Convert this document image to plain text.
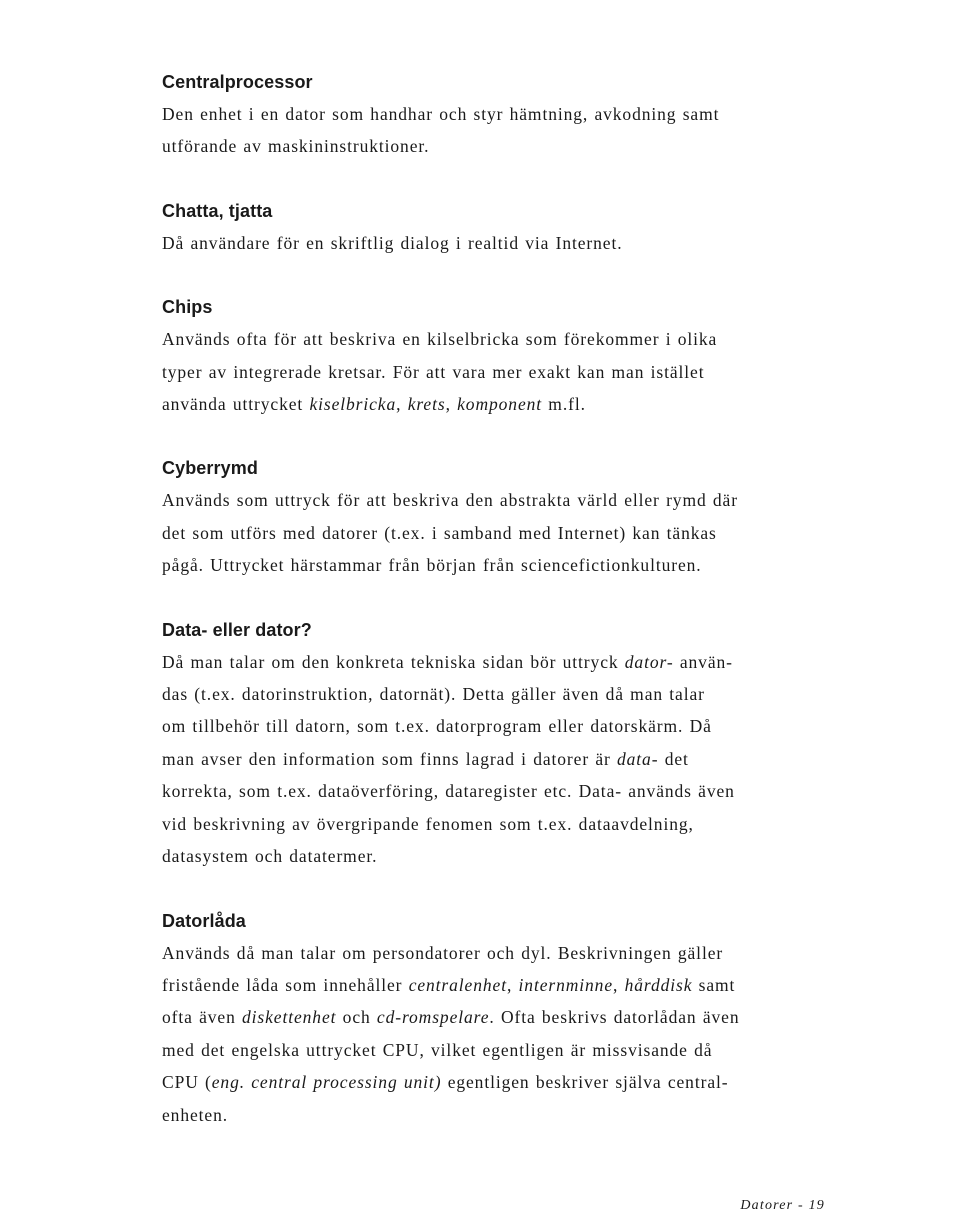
Centralprocessor
Den enhet i en dator som handhar och styr hämtning, avkodning samt
utförande av maskininstruktioner.
Chatta, tjatta
Då användare för en skriftlig dialog i realtid via Internet.
Chips
Används ofta för att beskriva en kilselbricka som förekommer i olika
typer av integrerade kretsar. För att vara mer exakt kan man istället
använda uttrycket kiselbricka, krets, komponent m.fl.
Cyberrymd
Används som uttryck för att beskriva den abstrakta värld eller rymd där
det som utförs med datorer (t.ex. i samband med Internet) kan tänkas
pågå. Uttrycket härstammar från början från sciencefictionkulturen.
Data- eller dator?
Då man talar om den konkreta tekniska sidan bör uttryck dator- använ-
das (t.ex. datorinstruktion, datornät). Detta gäller även då man talar
om tillbehör till datorn, som t.ex. datorprogram eller datorskärm. Då
man avser den information som finns lagrad i datorer är data- det
korrekta, som t.ex. dataöverföring, dataregister etc. Data- används även
vid beskrivning av övergripande fenomen som t.ex. dataavdelning,
datasystem och datatermer.
Datorlåda
Används då man talar om persondatorer och dyl. Beskrivningen gäller
fristående låda som innehåller centralenhet, internminne, hårddisk samt
ofta även diskettenhet och cd-romspelare. Ofta beskrivs datorlådan även
med det engelska uttrycket CPU, vilket egentligen är missvisande då
CPU (eng. central processing unit) egentligen beskriver själva central-
enheten.
Datorer - 19
